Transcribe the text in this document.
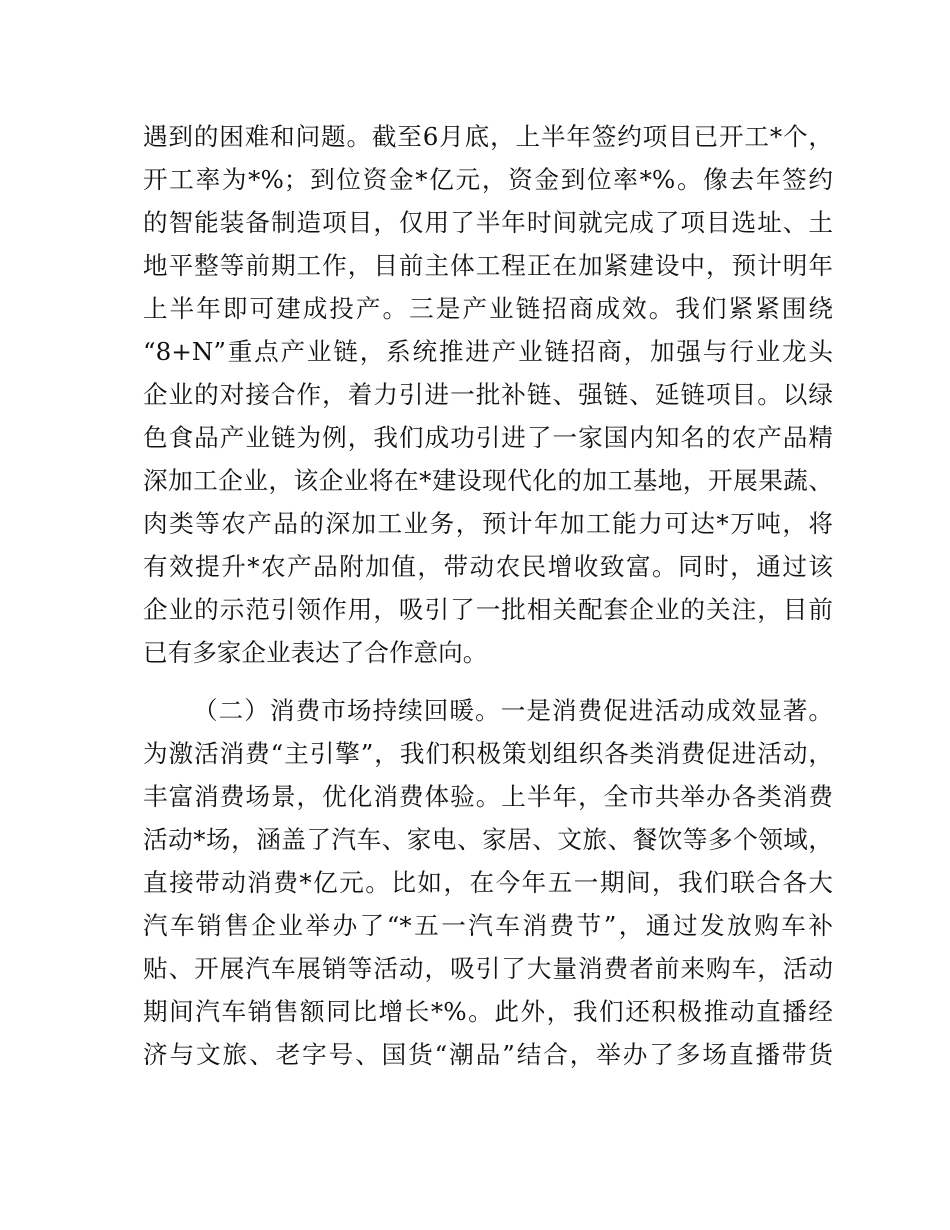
遇到的困难和问题。截至6月底，上半年签约项目已开工*个，
开工率为*%；到位资金*亿元，资金到位率*%。像去年签约
的智能装备制造项目，仅用了半年时间就完成了项目选址、土
地平整等前期工作，目前主体工程正在加紧建设中，预计明年
上半年即可建成投产。三是产业链招商成效。我们紧紧围绕
“8+N”重点产业链，系统推进产业链招商，加强与行业龙头
企业的对接合作，着力引进一批补链、强链、延链项目。以绿
色食品产业链为例，我们成功引进了一家国内知名的农产品精
深加工企业，该企业将在*建设现代化的加工基地，开展果蔬、
肉类等农产品的深加工业务，预计年加工能力可达*万吨，将
有效提升*农产品附加值，带动农民增收致富。同时，通过该
企业的示范引领作用，吸引了一批相关配套企业的关注，目前
已有多家企业表达了合作意向。
（二）消费市场持续回暖。一是消费促进活动成效显著。
为激活消费“主引擎”，我们积极策划组织各类消费促进活动，
丰富消费场景，优化消费体验。上半年，全市共举办各类消费
活动*场，涵盖了汽车、家电、家居、文旅、餐饮等多个领域，
直接带动消费*亿元。比如，在今年五一期间，我们联合各大
汽车销售企业举办了“*五一汽车消费节”，通过发放购车补
贴、开展汽车展销等活动，吸引了大量消费者前来购车，活动
期间汽车销售额同比增长*%。此外，我们还积极推动直播经
济与文旅、老字号、国货“潮品”结合，举办了多场直播带货
